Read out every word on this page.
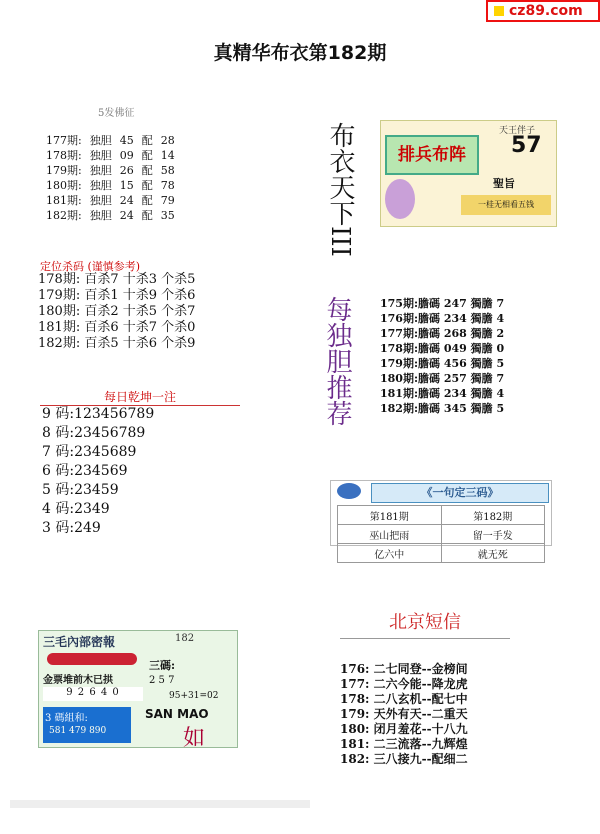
cz89.com
真精华布衣第182期
5发佛征
177期: 独胆 45 配 28
178期: 独胆 09 配 14
179期: 独胆 26 配 58
180期: 独胆 15 配 78
181期: 独胆 24 配 79
182期: 独胆 24 配 35
定位杀码 (谨慎参考)
178期: 百杀7 十杀3 个杀5
179期: 百杀1 十杀9 个杀6
180期: 百杀2 十杀5 个杀7
181期: 百杀6 十杀7 个杀0
182期: 百杀5 十杀6 个杀9
每日乾坤一注
9 码:123456789
8 码:23456789
7 码:2345689
6 码:234569
5 码:23459
4 码:2349
3 码:249
布衣天下III	排兵布阵
天王伴子
57
聖旨
一桂无相看五钱
每独胆推荐	175期:膽碼 247 獨膽 7
176期:膽碼 234 獨膽 4
177期:膽碼 268 獨膽 2
178期:膽碼 049 獨膽 0
179期:膽碼 456 獨膽 5
180期:膽碼 257 獨膽 7
181期:膽碼 234 獨膽 4
182期:膽碼 345 獨膽 5
《一句定三码》
第181期	第182期
巫山把雨	留一手发
亿六中	就无死
三毛內部密報	182
金票堆前木已拱
9 2 6 4 0
三碼:
2 5 7
95+31=02
3 碼組和:
581 479 890
SAN MAO
如
北京短信
176: 二七同登--金榜间
177: 二六今能--降龙虎
178: 二八玄机--配七中
179: 天外有天--二重天
180: 闭月羞花--十八九
181: 二三流落--九辉煌
182: 三八接九--配细二
